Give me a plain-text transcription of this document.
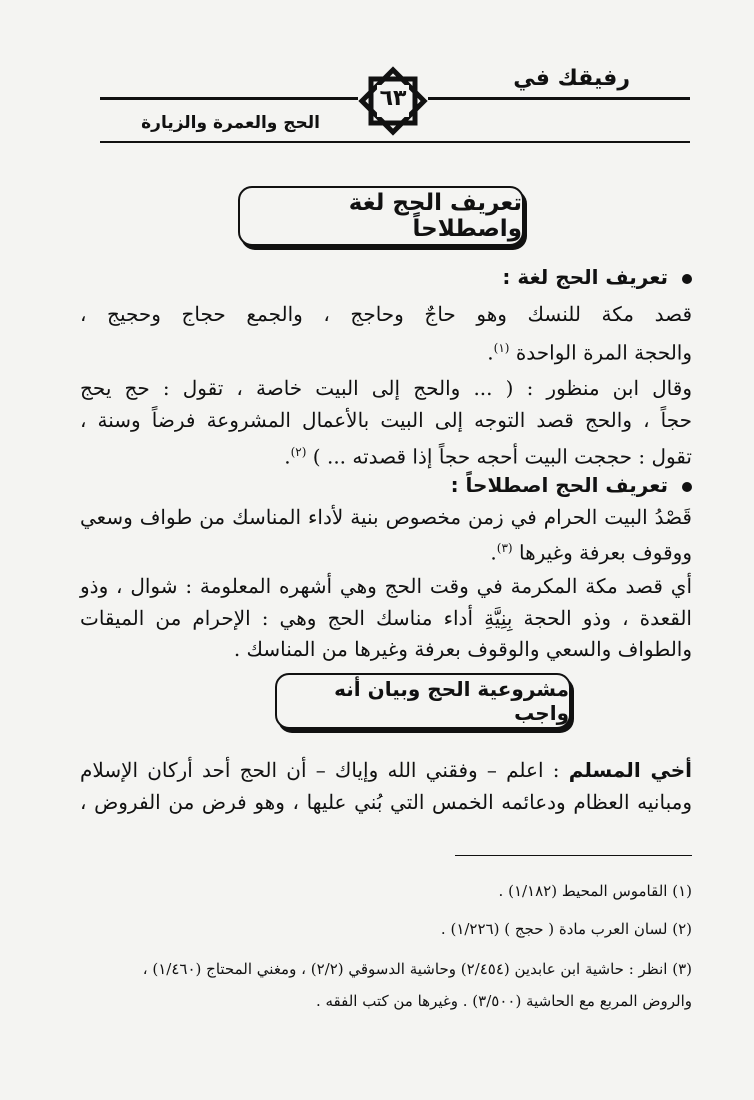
رفيقك في
الحج والعمرة والزيارة
٦٣
تعريف الحج لغة واصطلاحاً
تعريف الحج لغة :
قصد مكة للنسك وهو حاجٌ وحاجج ، والجمع حجاج وحجيج ،
والحجة المرة الواحدة $^{(١)}$.
وقال ابن منظور : ( ... والحج إلى البيت خاصة ، تقول : حج يحج
حجاً ، والحج قصد التوجه إلى البيت بالأعمال المشروعة فرضاً وسنة ،
تقول : حججت البيت أحجه حجاً إذا قصدته ... ) $^{(٢)}$.
تعريف الحج اصطلاحاً :
قَصْدُ البيت الحرام في زمن مخصوص بنية لأداء المناسك من طواف وسعي
ووقوف بعرفة وغيرها $^{(٣)}$.
أي قصد مكة المكرمة في وقت الحج وهي أشهره المعلومة : شوال ، وذو
القعدة ، وذو الحجة بِنِيَّةِ أداء مناسك الحج وهي : الإحرام من الميقات
والطواف والسعي والوقوف بعرفة وغيرها من المناسك .
مشروعية الحج وبيان أنه واجب
أخي المسلم : اعلم – وفقني الله وإياك – أن الحج أحد أركان الإسلام
ومبانيه العظام ودعائمه الخمس التي بُني عليها ، وهو فرض من الفروض ،
(١) القاموس المحيط (١/١٨٢) .
(٢) لسان العرب مادة ( حجج ) (١/٢٢٦) .
(٣) انظر : حاشية ابن عابدين (٢/٤٥٤) وحاشية الدسوقي (٢/٢) ، ومغني المحتاج (١/٤٦٠) ،
والروض المربع مع الحاشية (٣/٥٠٠) . وغيرها من كتب الفقه .
